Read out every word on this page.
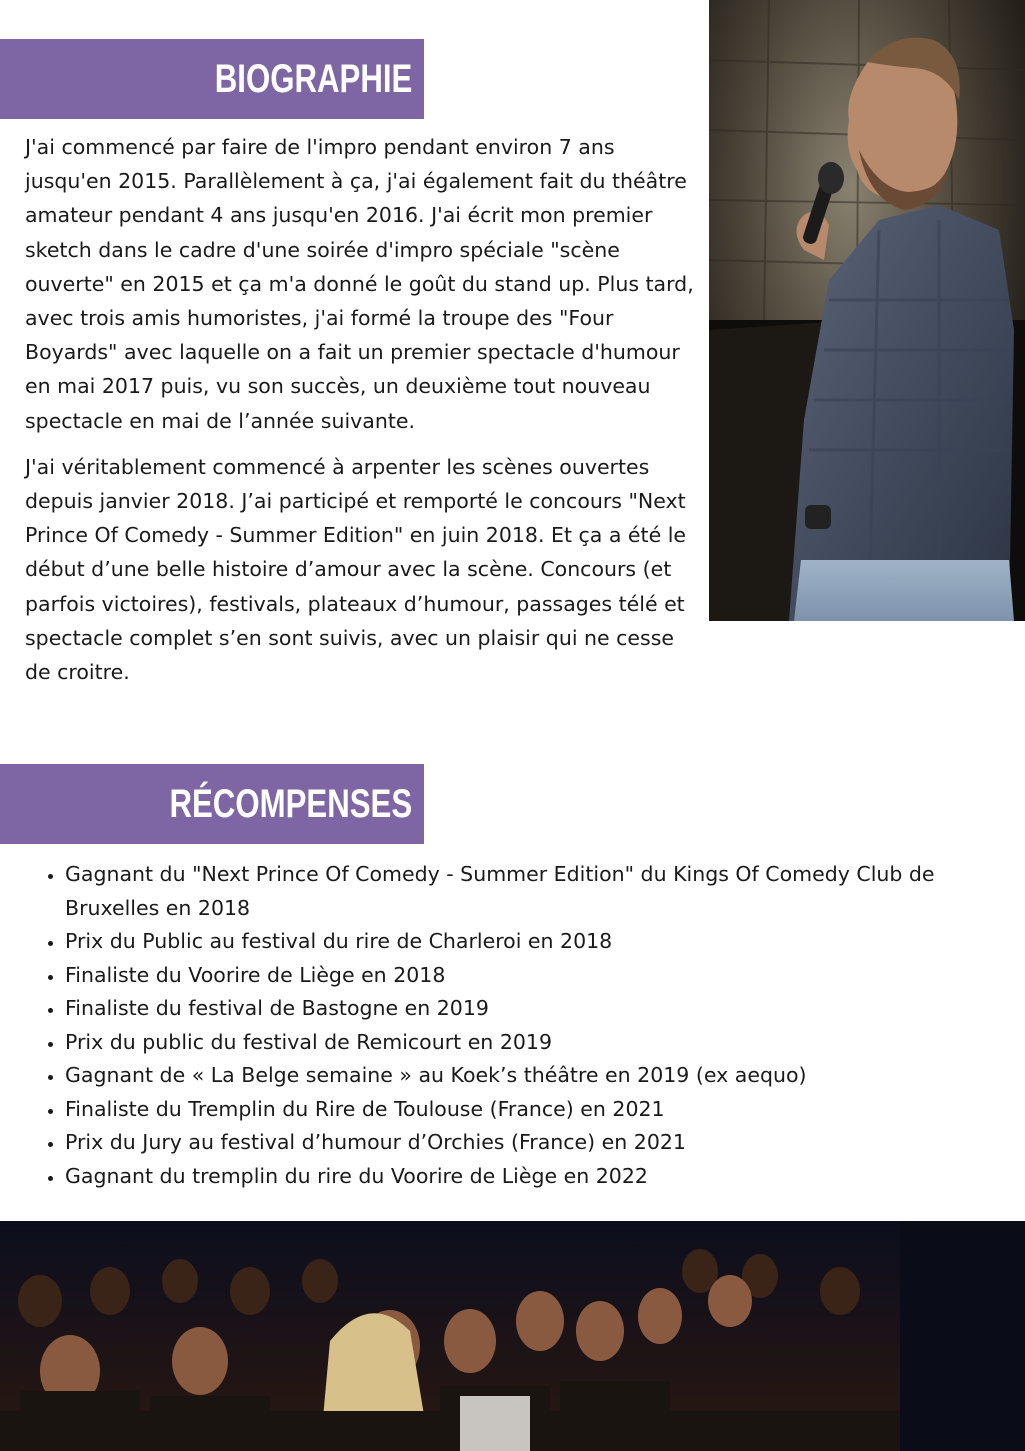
BIOGRAPHIE

J'ai commencé par faire de l'impro pendant environ 7 ans jusqu'en 2015. Parallèlement à ça, j'ai également fait du théâtre amateur pendant 4 ans jusqu'en 2016. J'ai écrit mon premier sketch dans le cadre d'une soirée d'impro spéciale "scène ouverte" en 2015 et ça m'a donné le goût du stand up. Plus tard, avec trois amis humoristes, j'ai formé la troupe des "Four Boyards" avec laquelle on a fait un premier spectacle d'humour en mai 2017 puis, vu son succès, un deuxième tout nouveau spectacle en mai de l’année suivante.

J'ai véritablement commencé à arpenter les scènes ouvertes depuis janvier 2018. J’ai participé et remporté le concours "Next Prince Of Comedy - Summer Edition" en juin 2018. Et ça a été le début d’une belle histoire d’amour avec la scène. Concours (et parfois victoires), festivals, plateaux d’humour, passages télé et spectacle complet s’en sont suivis, avec un plaisir qui ne cesse de croitre.

RÉCOMPENSES
• Gagnant du "Next Prince Of Comedy - Summer Edition" du Kings Of Comedy Club de Bruxelles en 2018
• Prix du Public au festival du rire de Charleroi en 2018
• Finaliste du Voorire de Liège en 2018
• Finaliste du festival de Bastogne en 2019
• Prix du public du festival de Remicourt en 2019
• Gagnant de « La Belge semaine » au Koek’s théâtre en 2019 (ex aequo)
• Finaliste du Tremplin du Rire de Toulouse (France) en 2021
• Prix du Jury au festival d’humour d’Orchies (France) en 2021
• Gagnant du tremplin du rire du Voorire de Liège en 2022
